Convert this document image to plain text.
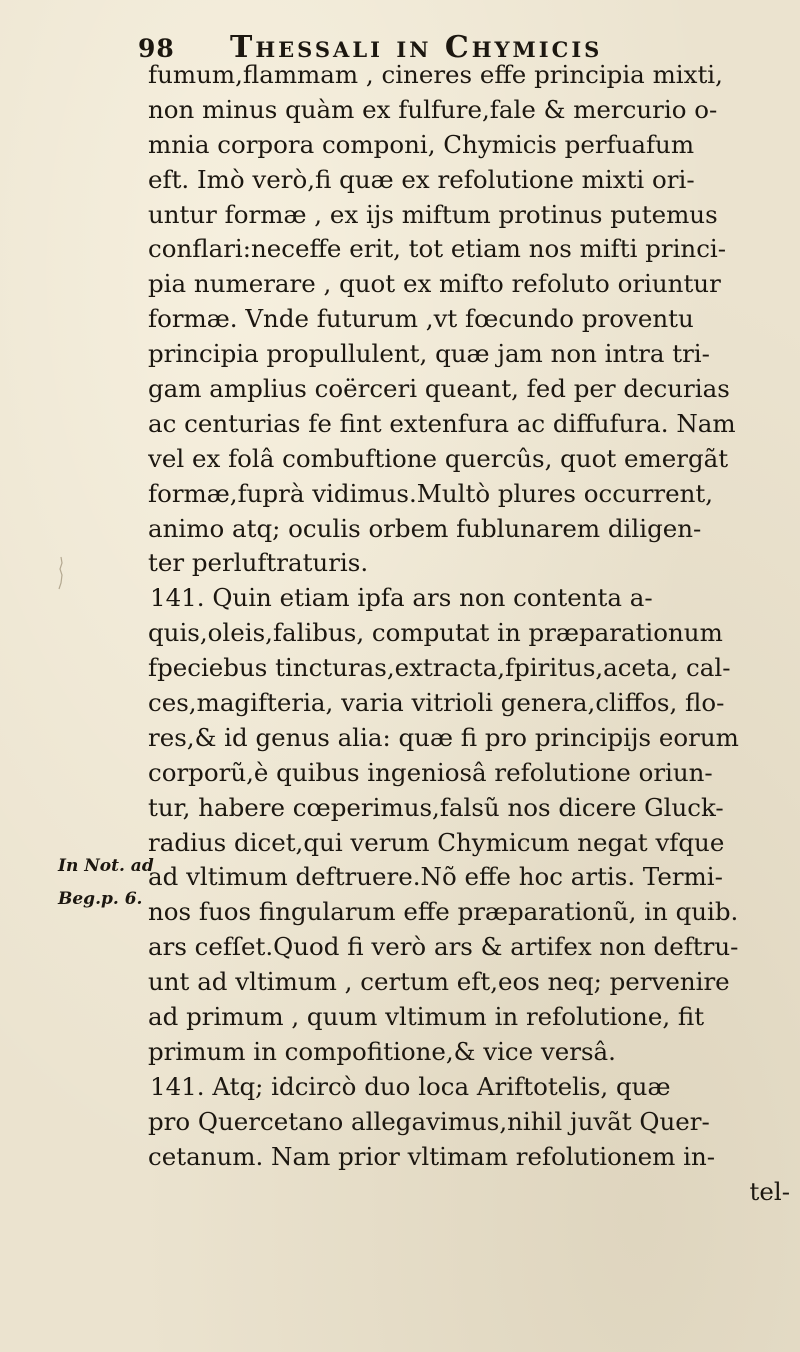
98 Thessali in Chymicis
In Not. ad
Beg.p. 6.
fumum,flammam , cineres effe principia mixti,
non minus quàm ex fulfure,fale & mercurio o-
mnia corpora componi, Chymicis perfuafum
eft. Imò verò,fi quæ ex refolutione mixti ori-
untur formæ , ex ijs miftum protinus putemus
conflari:neceffe erit, tot etiam nos mifti princi-
pia numerare , quot ex mifto refoluto oriuntur
formæ. Vnde futurum ,vt fœcundo proventu
principia propullulent, quæ jam non intra tri-
gam amplius coërceri queant, fed per decurias
ac centurias fe fint extenfura ac diffufura. Nam
vel ex folâ combuftione quercûs, quot emergãt
formæ,fuprà vidimus.Multò plures occurrent,
animo atq; oculis orbem fublunarem diligen-
ter perluftraturis.
141. Quin etiam ipfa ars non contenta a-
quis,oleis,falibus, computat in præparationum
fpeciebus tincturas,extracta,fpiritus,aceta, cal-
ces,magifteria, varia vitrioli genera,cliffos, flo-
res,& id genus alia: quæ fi pro principijs eorum
corporũ,è quibus ingeniosâ refolutione oriun-
tur, habere cœperimus,falsũ nos dicere Gluck-
radius dicet,qui verum Chymicum negat vfque
ad vltimum deftruere.Nõ effe hoc artis. Termi-
nos fuos fingularum effe præparationũ, in quib.
ars cefſet.Quod fi verò ars & artifex non deftru-
unt ad vltimum , certum eft,eos neq; pervenire
ad primum , quum vltimum in refolutione, fit
primum in compofitione,& vice versâ.
141. Atq; idcircò duo loca Ariftotelis, quæ
pro Quercetano allegavimus,nihil juvãt Quer-
cetanum. Nam prior vltimam refolutionem in-
tel-
